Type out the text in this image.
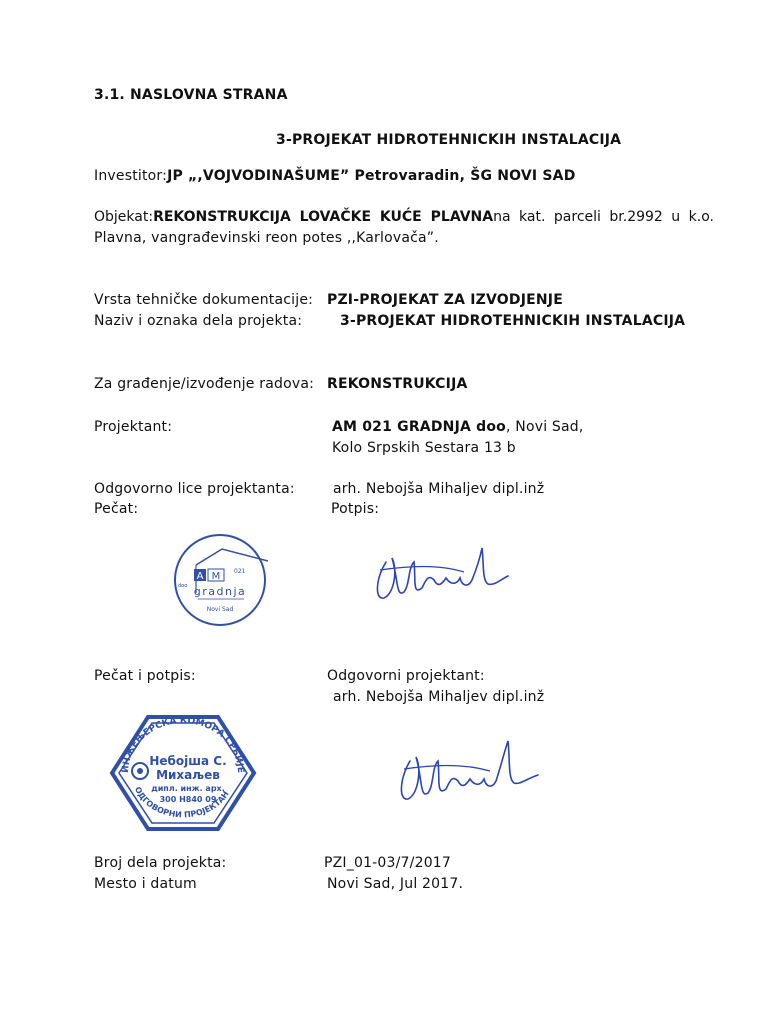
3.1. NASLOVNA STRANA
3-PROJEKAT HIDROTEHNICKIH INSTALACIJA
Investitor:JP „,VOJVODINAŠUME” Petrovaradin, ŠG NOVI SAD
Objekat:REKONSTRUKCIJA LOVAČKE KUĆE PLAVNAna kat. parceli br.2992 u k.o.
Plavna, vangrađevinski reon potes ,,Karlovača”.
Vrsta tehničke dokumentacije: PZI-PROJEKAT ZA IZVODJENJE
Naziv i oznaka dela projekta:	3-PROJEKAT HIDROTEHNICKIH INSTALACIJA
Za građenje/izvođenje radova: REKONSTRUKCIJA
Projektant:	AM 021 GRADNJA doo, Novi Sad,
Kolo Srpskih Sestara 13 b
Odgovorno lice projektanta:	arh. Nebojša Mihaljev dipl.inž
Pečat:	Potpis:
A M 021
doo gradnja
Novi Sad
Pečat i potpis:	Odgovorni projektant:
arh. Nebojša Mihaljev dipl.inž
ИНЖЕЊЕРСКА КОМОРА СРБИЈЕ
ОДГОВОРНИ ПРОЈЕКТАНТ
Небојша С.
Михаљев
дипл. инж. арх.
300 Н840 09
Broj dela projekta:	PZI_01-03/7/2017
Mesto i datum	Novi Sad, Jul 2017.
